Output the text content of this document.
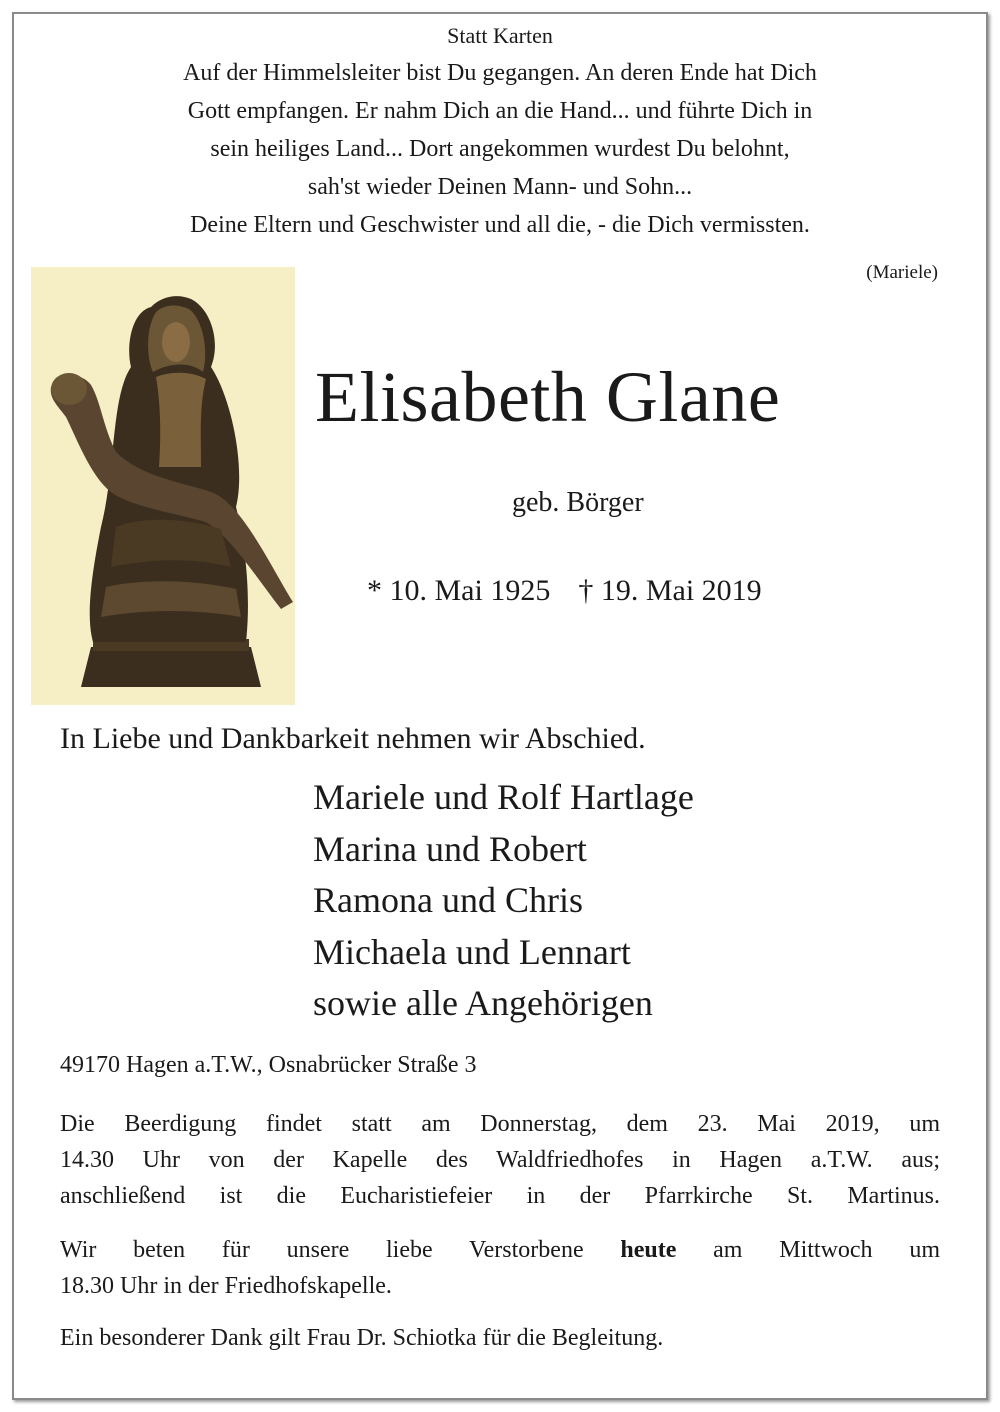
Statt Karten
Auf der Himmelsleiter bist Du gegangen. An deren Ende hat Dich
Gott empfangen. Er nahm Dich an die Hand... und führte Dich in
sein heiliges Land... Dort angekommen wurdest Du belohnt,
sah'st wieder Deinen Mann- und Sohn...
Deine Eltern und Geschwister und all die, - die Dich vermissten.
(Mariele)
Elisabeth Glane
geb. Börger
* 10. Mai 1925 † 19. Mai 2019
In Liebe und Dankbarkeit nehmen wir Abschied.
Mariele und Rolf Hartlage
Marina und Robert
Ramona und Chris
Michaela und Lennart
sowie alle Angehörigen
49170 Hagen a.T.W., Osnabrücker Straße 3
Die Beerdigung findet statt am Donnerstag, dem 23. Mai 2019, um
14.30 Uhr von der Kapelle des Waldfriedhofes in Hagen a.T.W. aus;
anschließend ist die Eucharistiefeier in der Pfarrkirche St. Martinus.
Wir beten für unsere liebe Verstorbene heute am Mittwoch um
18.30 Uhr in der Friedhofskapelle.
Ein besonderer Dank gilt Frau Dr. Schiotka für die Begleitung.
